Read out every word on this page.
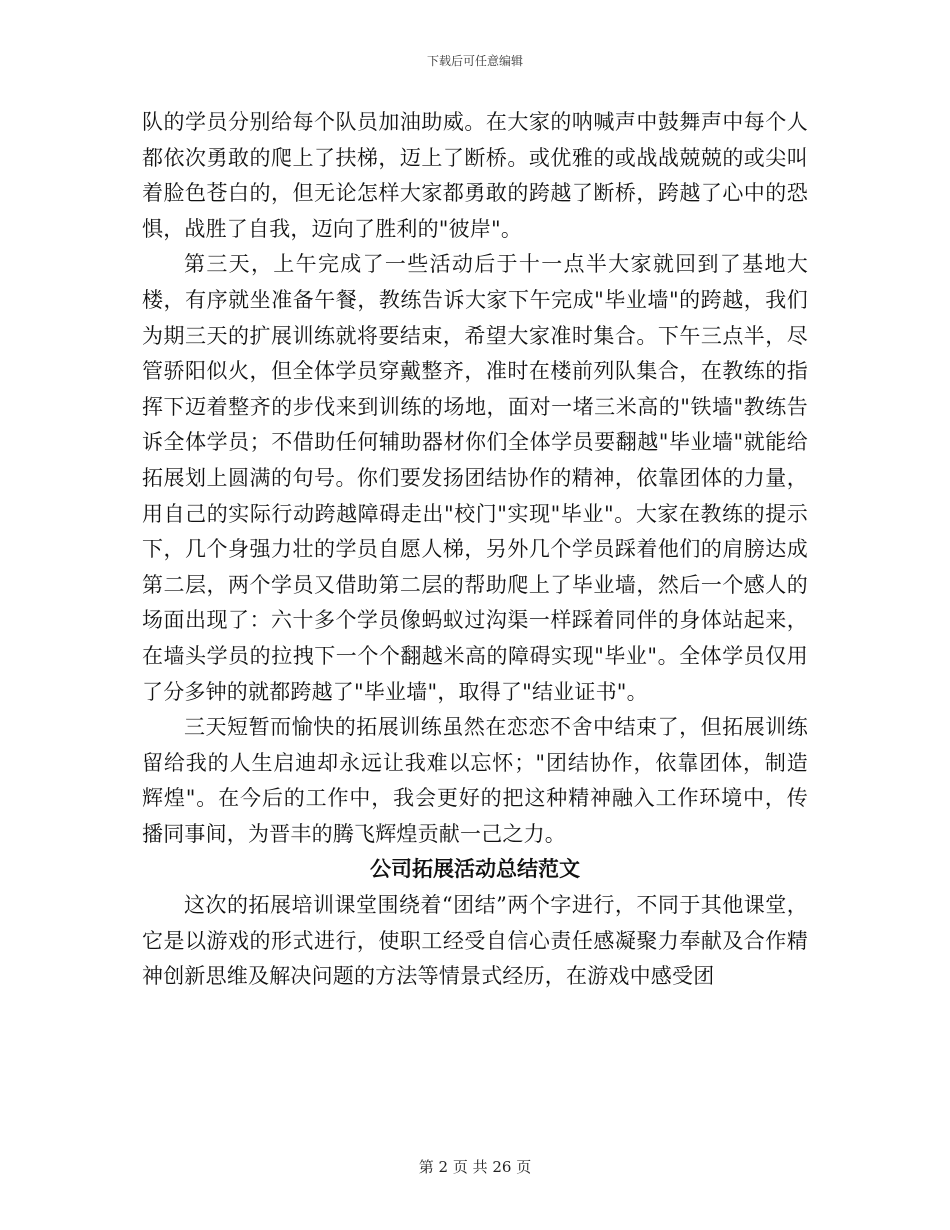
下载后可任意编辑

队的学员分别给每个队员加油助威。在大家的呐喊声中鼓舞声中每个人都依次勇敢的爬上了扶梯，迈上了断桥。或优雅的或战战兢兢的或尖叫着脸色苍白的，但无论怎样大家都勇敢的跨越了断桥，跨越了心中的恐惧，战胜了自我，迈向了胜利的"彼岸"。

第三天，上午完成了一些活动后于十一点半大家就回到了基地大楼，有序就坐准备午餐，教练告诉大家下午完成"毕业墙"的跨越，我们为期三天的扩展训练就将要结束，希望大家准时集合。下午三点半，尽管骄阳似火，但全体学员穿戴整齐，准时在楼前列队集合，在教练的指挥下迈着整齐的步伐来到训练的场地，面对一堵三米高的"铁墙"教练告诉全体学员；不借助任何辅助器材你们全体学员要翻越"毕业墙"就能给拓展划上圆满的句号。你们要发扬团结协作的精神，依靠团体的力量，用自己的实际行动跨越障碍走出"校门"实现"毕业"。大家在教练的提示下，几个身强力壮的学员自愿人梯，另外几个学员踩着他们的肩膀达成第二层，两个学员又借助第二层的帮助爬上了毕业墙，然后一个感人的场面出现了：六十多个学员像蚂蚁过沟渠一样踩着同伴的身体站起来，在墙头学员的拉拽下一个个翻越米高的障碍实现"毕业"。全体学员仅用了分多钟的就都跨越了"毕业墙"，取得了"结业证书"。

三天短暂而愉快的拓展训练虽然在恋恋不舍中结束了，但拓展训练留给我的人生启迪却永远让我难以忘怀；"团结协作，依靠团体，制造辉煌"。在今后的工作中，我会更好的把这种精神融入工作环境中，传播同事间，为晋丰的腾飞辉煌贡献一己之力。

公司拓展活动总结范文

这次的拓展培训课堂围绕着“团结”两个字进行，不同于其他课堂，它是以游戏的形式进行，使职工经受自信心责任感凝聚力奉献及合作精神创新思维及解决问题的方法等情景式经历，在游戏中感受团

第 2 页 共 26 页
